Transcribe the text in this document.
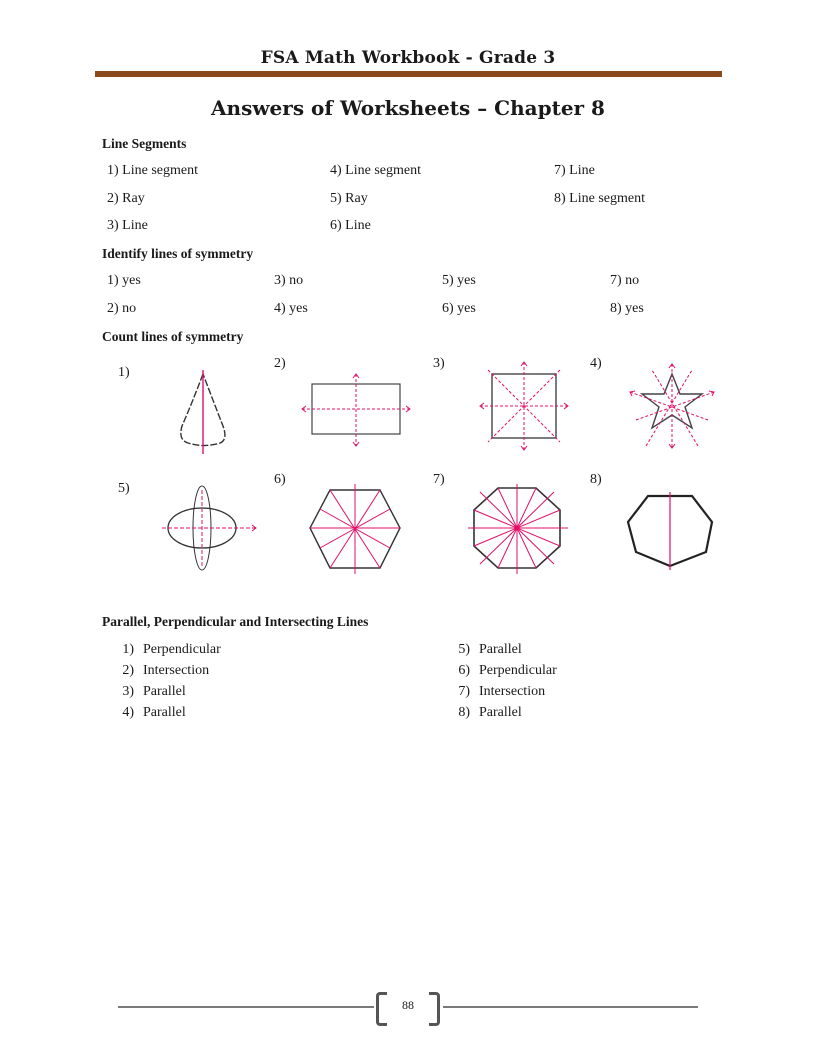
FSA Math Workbook - Grade 3
Answers of Worksheets – Chapter 8
Line Segments
1) Line segment
2) Ray
3) Line
4) Line segment
5) Ray
6) Line
7) Line
8) Line segment
Identify lines of symmetry
1) yes
2) no
3) no
4) yes
5) yes
6) yes
7) no
8) yes
Count lines of symmetry
1)
2)	3)	4)
5)
6)	7)	8)
Parallel, Perpendicular and Intersecting Lines
1) Perpendicular
2) Intersection
3) Parallel
4) Parallel
5) Parallel
6) Perpendicular
7) Intersection
8) Parallel
88
